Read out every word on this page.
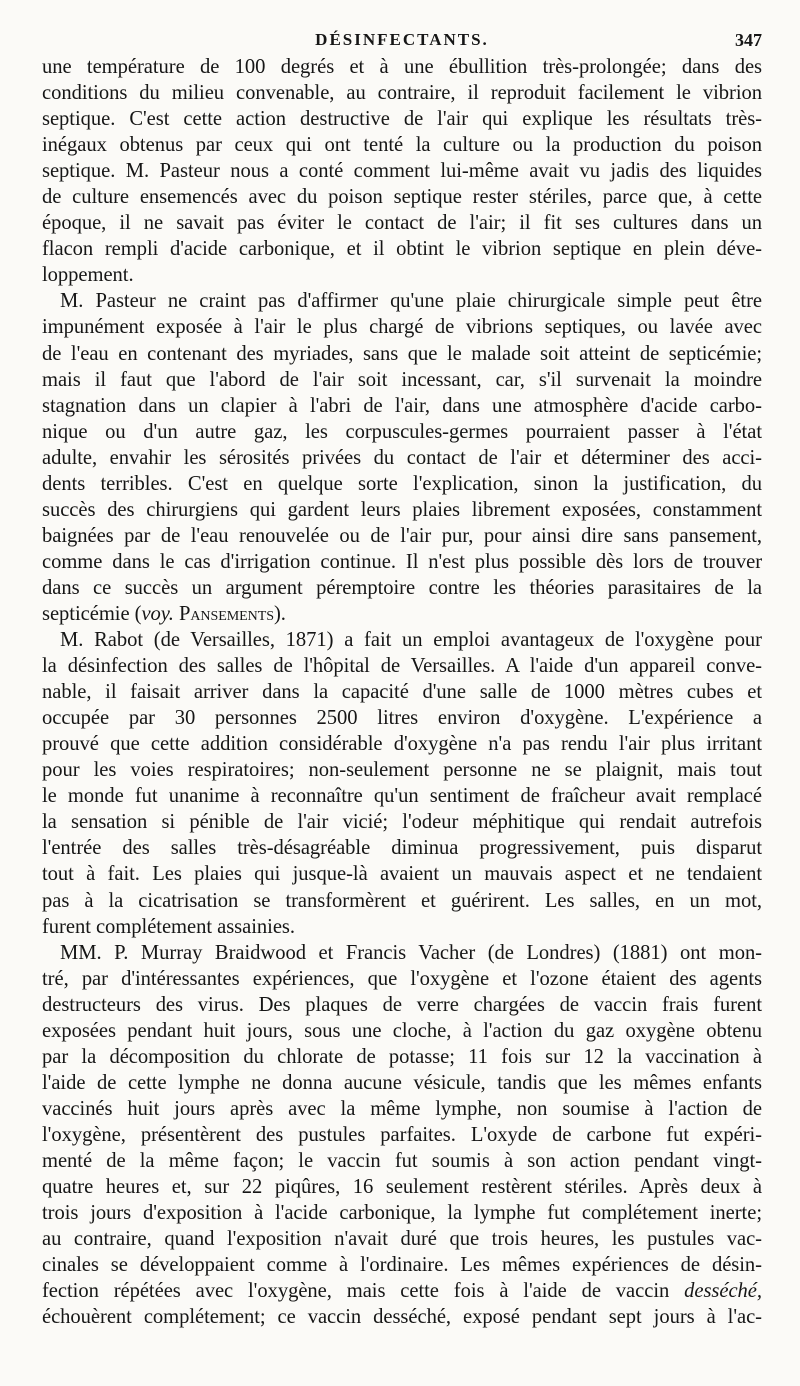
DÉSINFECTANTS.	347

une température de 100 degrés et à une ébullition très-prolongée; dans des
conditions du milieu convenable, au contraire, il reproduit facilement le vibrion
septique. C'est cette action destructive de l'air qui explique les résultats très-
inégaux obtenus par ceux qui ont tenté la culture ou la production du poison
septique. M. Pasteur nous a conté comment lui-même avait vu jadis des liquides
de culture ensemencés avec du poison septique rester stériles, parce que, à cette
époque, il ne savait pas éviter le contact de l'air; il fit ses cultures dans un
flacon rempli d'acide carbonique, et il obtint le vibrion septique en plein déve-
loppement.

M. Pasteur ne craint pas d'affirmer qu'une plaie chirurgicale simple peut être
impunément exposée à l'air le plus chargé de vibrions septiques, ou lavée avec
de l'eau en contenant des myriades, sans que le malade soit atteint de septicémie;
mais il faut que l'abord de l'air soit incessant, car, s'il survenait la moindre
stagnation dans un clapier à l'abri de l'air, dans une atmosphère d'acide carbo-
nique ou d'un autre gaz, les corpuscules-germes pourraient passer à l'état
adulte, envahir les sérosités privées du contact de l'air et déterminer des acci-
dents terribles. C'est en quelque sorte l'explication, sinon la justification, du
succès des chirurgiens qui gardent leurs plaies librement exposées, constamment
baignées par de l'eau renouvelée ou de l'air pur, pour ainsi dire sans pansement,
comme dans le cas d'irrigation continue. Il n'est plus possible dès lors de trouver
dans ce succès un argument péremptoire contre les théories parasitaires de la
septicémie (voy. Pansements).

M. Rabot (de Versailles, 1871) a fait un emploi avantageux de l'oxygène pour
la désinfection des salles de l'hôpital de Versailles. A l'aide d'un appareil conve-
nable, il faisait arriver dans la capacité d'une salle de 1000 mètres cubes et
occupée par 30 personnes 2500 litres environ d'oxygène. L'expérience a
prouvé que cette addition considérable d'oxygène n'a pas rendu l'air plus irritant
pour les voies respiratoires; non-seulement personne ne se plaignit, mais tout
le monde fut unanime à reconnaître qu'un sentiment de fraîcheur avait remplacé
la sensation si pénible de l'air vicié; l'odeur méphitique qui rendait autrefois
l'entrée des salles très-désagréable diminua progressivement, puis disparut
tout à fait. Les plaies qui jusque-là avaient un mauvais aspect et ne tendaient
pas à la cicatrisation se transformèrent et guérirent. Les salles, en un mot,
furent complétement assainies.

MM. P. Murray Braidwood et Francis Vacher (de Londres) (1881) ont mon-
tré, par d'intéressantes expériences, que l'oxygène et l'ozone étaient des agents
destructeurs des virus. Des plaques de verre chargées de vaccin frais furent
exposées pendant huit jours, sous une cloche, à l'action du gaz oxygène obtenu
par la décomposition du chlorate de potasse; 11 fois sur 12 la vaccination à
l'aide de cette lymphe ne donna aucune vésicule, tandis que les mêmes enfants
vaccinés huit jours après avec la même lymphe, non soumise à l'action de
l'oxygène, présentèrent des pustules parfaites. L'oxyde de carbone fut expéri-
menté de la même façon; le vaccin fut soumis à son action pendant vingt-
quatre heures et, sur 22 piqûres, 16 seulement restèrent stériles. Après deux à
trois jours d'exposition à l'acide carbonique, la lymphe fut complétement inerte;
au contraire, quand l'exposition n'avait duré que trois heures, les pustules vac-
cinales se développaient comme à l'ordinaire. Les mêmes expériences de désin-
fection répétées avec l'oxygène, mais cette fois à l'aide de vaccin desséché,
échouèrent complétement; ce vaccin desséché, exposé pendant sept jours à l'ac-
